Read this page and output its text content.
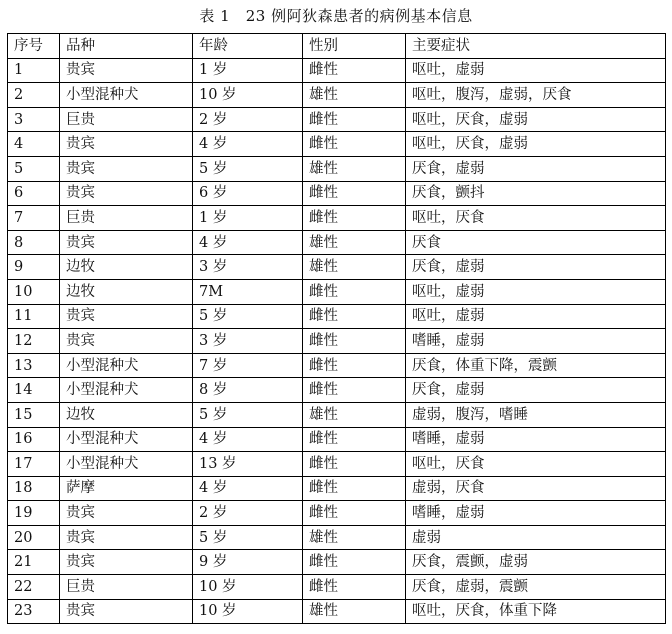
表 1　23 例阿狄森患者的病例基本信息
序号	品种	年龄	性别	主要症状
1	贵宾	1 岁	雌性	呕吐，虚弱
2	小型混种犬	10 岁	雄性	呕吐，腹泻，虚弱，厌食
3	巨贵	2 岁	雌性	呕吐，厌食，虚弱
4	贵宾	4 岁	雌性	呕吐，厌食，虚弱
5	贵宾	5 岁	雄性	厌食，虚弱
6	贵宾	6 岁	雌性	厌食，颤抖
7	巨贵	1 岁	雌性	呕吐，厌食
8	贵宾	4 岁	雄性	厌食
9	边牧	3 岁	雄性	厌食，虚弱
10	边牧	7M	雌性	呕吐，虚弱
11	贵宾	5 岁	雌性	呕吐，虚弱
12	贵宾	3 岁	雌性	嗜睡，虚弱
13	小型混种犬	7 岁	雌性	厌食，体重下降，震颤
14	小型混种犬	8 岁	雌性	厌食，虚弱
15	边牧	5 岁	雄性	虚弱，腹泻，嗜睡
16	小型混种犬	4 岁	雌性	嗜睡，虚弱
17	小型混种犬	13 岁	雌性	呕吐，厌食
18	萨摩	4 岁	雌性	虚弱，厌食
19	贵宾	2 岁	雌性	嗜睡，虚弱
20	贵宾	5 岁	雄性	虚弱
21	贵宾	9 岁	雌性	厌食，震颤，虚弱
22	巨贵	10 岁	雌性	厌食，虚弱，震颤
23	贵宾	10 岁	雄性	呕吐，厌食，体重下降
